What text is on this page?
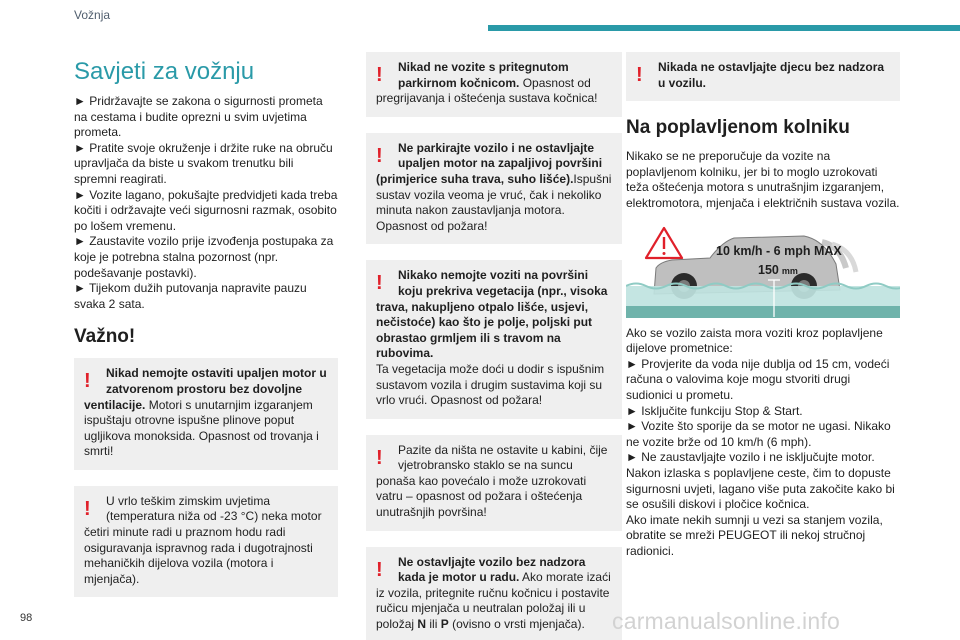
Vožnja
Savjeti za vožnju
► Pridržavajte se zakona o sigurnosti prometa na cestama i budite oprezni u svim uvjetima prometa.
► Pratite svoje okruženje i držite ruke na obruču upravljača da biste u svakom trenutku bili spremni reagirati.
► Vozite lagano, pokušajte predvidjeti kada treba kočiti i održavajte veći sigurnosni razmak, osobito po lošem vremenu.
► Zaustavite vozilo prije izvođenja postupaka za koje je potrebna stalna pozornost (npr. podešavanje postavki).
► Tijekom dužih putovanja napravite pauzu svaka 2 sata.
Važno!
!	Nikad nemojte ostaviti upaljen motor u zatvorenom prostoru bez dovoljne ventilacije. Motori s unutarnjim izgaranjem ispuštaju otrovne ispušne plinove poput ugljikova monoksida. Opasnost od trovanja i smrti!
!	U vrlo teškim zimskim uvjetima (temperatura niža od -23 °C) neka motor četiri minute radi u praznom hodu radi osiguravanja ispravnog rada i dugotrajnosti mehaničkih dijelova vozila (motora i mjenjača).
!	Nikad ne vozite s pritegnutom parkirnom kočnicom. Opasnost od pregrijavanja i oštećenja sustava kočnica!
!	Ne parkirajte vozilo i ne ostavljajte upaljen motor na zapaljivoj površini (primjerice suha trava, suho lišće).Ispušni sustav vozila veoma je vruć, čak i nekoliko minuta nakon zaustavljanja motora. Opasnost od požara!
!	Nikako nemojte voziti na površini koju prekriva vegetacija (npr., visoka trava, nakupljeno otpalo lišće, usjevi, nečistoće) kao što je polje, poljski put obrastao grmljem ili s travom na rubovima.
Ta vegetacija može doći u dodir s ispušnim sustavom vozila i drugim sustavima koji su vrlo vrući. Opasnost od požara!
!	Pazite da ništa ne ostavite u kabini, čije vjetrobransko staklo se na suncu ponaša kao povećalo i može uzrokovati vatru – opasnost od požara i oštećenja unutrašnjih površina!
!	Ne ostavljajte vozilo bez nadzora kada je motor u radu. Ako morate izaći iz vozila, pritegnite ručnu kočnicu i postavite ručicu mjenjača u neutralan položaj ili u položaj N ili P (ovisno o vrsti mjenjača).
!	Nikada ne ostavljajte djecu bez nadzora u vozilu.
Na poplavljenom kolniku
Nikako se ne preporučuje da vozite na poplavljenom kolniku, jer bi to moglo uzrokovati teža oštećenja motora s unutrašnjim izgaranjem, elektromotora, mjenjača i električnih sustava vozila.
10 km/h - 6 mph MAX
150 mm
Ako se vozilo zaista mora voziti kroz poplavljene dijelove prometnice:
► Provjerite da voda nije dublja od 15 cm, vodeći računa o valovima koje mogu stvoriti drugi sudionici u prometu.
► Isključite funkciju Stop & Start.
► Vozite što sporije da se motor ne ugasi. Nikako ne vozite brže od 10 km/h (6 mph).
► Ne zaustavljajte vozilo i ne isključujte motor. Nakon izlaska s poplavljene ceste, čim to dopuste sigurnosni uvjeti, lagano više puta zakočite kako bi se osušili diskovi i pločice kočnica.
Ako imate nekih sumnji u vezi sa stanjem vozila, obratite se mreži PEUGEOT ili nekoj stručnoj radionici.
98	carmanualsonline.info
